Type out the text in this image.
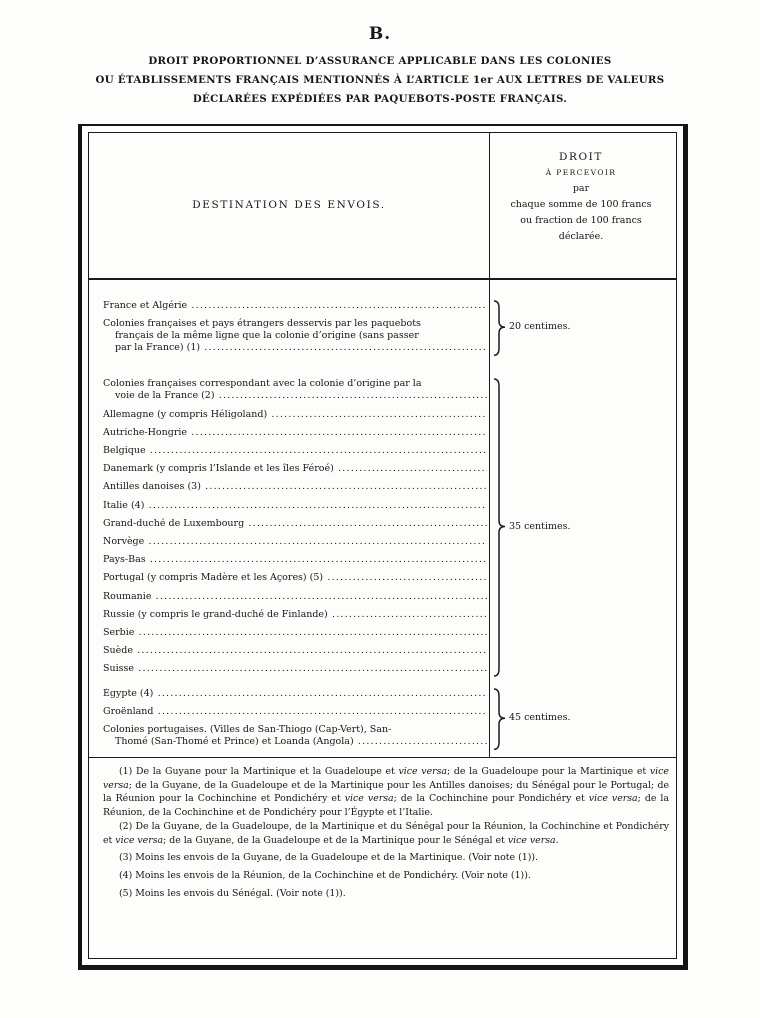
B.
DROIT PROPORTIONNEL D’ASSURANCE APPLICABLE DANS LES COLONIES
OU ÉTABLISSEMENTS FRANÇAIS MENTIONNÉS À L’ARTICLE 1er AUX LETTRES DE VALEURS
DÉCLARÉES EXPÉDIÉES PAR PAQUEBOTS-POSTE FRANÇAIS.
DESTINATION DES ENVOIS.
DROIT
À PERCEVOIR
par
chaque somme de 100 francs
ou fraction de 100 francs
déclarée.
France et Algérie .....
Colonies françaises et pays étrangers desservis par les paquebots
français de la même ligne que la colonie d’origine (sans passer
par la France) (1) .....
Colonies françaises correspondant avec la colonie d’origine par la
voie de la France (2) .....
Allemagne (y compris Héligoland) .....
Autriche-Hongrie .....
Belgique .....
Danemark (y compris l’Islande et les îles Féroé) .....
Antilles danoises (3) .....
Italie (4) .....
Grand-duché de Luxembourg .....
Norvège .....
Pays-Bas .....
Portugal (y compris Madère et les Açores) (5) .....
Roumanie .....
Russie (y compris le grand-duché de Finlande) .....
Serbie .....
Suède .....
Suisse .....
Égypte (4) .....
Groënland .....
Colonies portugaises. (Villes de San-Thiogo (Cap-Vert), San-
Thomé (San-Thomé et Prince) et Loanda (Angola) .....
20 centimes.
35 centimes.
45 centimes.
(1) De la Guyane pour la Martinique et la Guadeloupe et vice versa; de la Guadeloupe pour la Martinique et vice versa; de la Guyane, de la Guadeloupe et de la Martinique pour les Antilles danoises; du Sénégal pour le Portugal; de la Réunion pour la Cochinchine et Pondichéry et vice versa; de la Cochinchine pour Pondichéry et vice versa; de la Réunion, de la Cochinchine et de Pondichéry pour l’Égypte et l’Italie.
(2) De la Guyane, de la Guadeloupe, de la Martinique et du Sénégal pour la Réunion, la Cochinchine et Pondichéry et vice versa; de la Guyane, de la Guadeloupe et de la Martinique pour le Sénégal et vice versa.
(3) Moins les envois de la Guyane, de la Guadeloupe et de la Martinique. (Voir note (1)).
(4) Moins les envois de la Réunion, de la Cochinchine et de Pondichéry. (Voir note (1)).
(5) Moins les envois du Sénégal. (Voir note (1)).
